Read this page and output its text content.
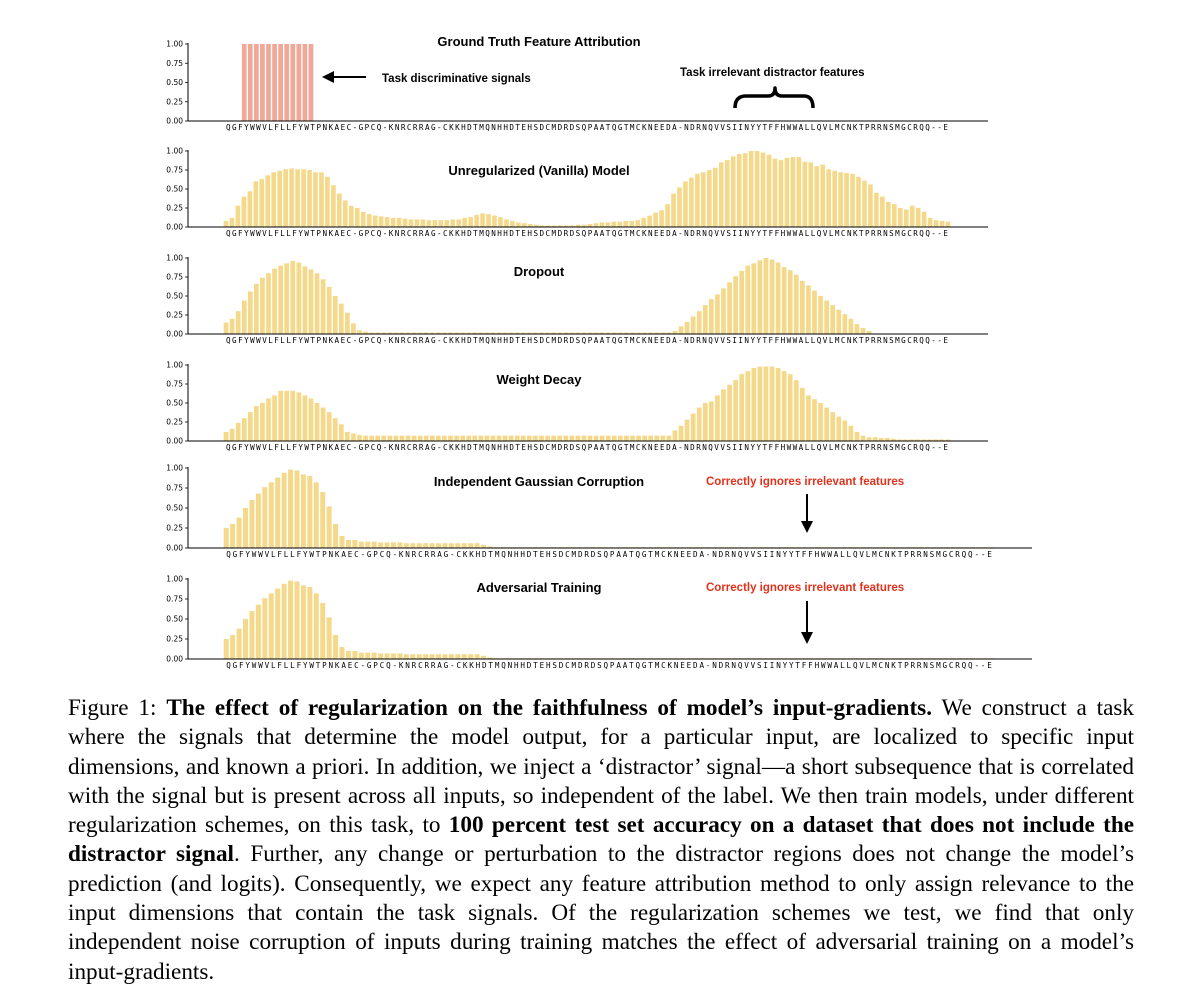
Ground Truth Feature Attribution
0.00
0.25
0.50
0.75
1.00
QGFYWWVLFLLFYWTPNKAEC-GPCQ-KNRCRRAG-CKKHDTMQNHHDTEHSDCMDRDSQPAATQGTMCKNEEDA-NDRNQVVSIINYYTFFHWWALLQVLMCNKTPRRNSMGCRQQ--E
Unregularized (Vanilla) Model
0.00
0.25
0.50
0.75
1.00
QGFYWWVLFLLFYWTPNKAEC-GPCQ-KNRCRRAG-CKKHDTMQNHHDTEHSDCMDRDSQPAATQGTMCKNEEDA-NDRNQVVSIINYYTFFHWWALLQVLMCNKTPRRNSMGCRQQ--E
Dropout
0.00
0.25
0.50
0.75
1.00
QGFYWWVLFLLFYWTPNKAEC-GPCQ-KNRCRRAG-CKKHDTMQNHHDTEHSDCMDRDSQPAATQGTMCKNEEDA-NDRNQVVSIINYYTFFHWWALLQVLMCNKTPRRNSMGCRQQ--E
Weight Decay
0.00
0.25
0.50
0.75
1.00
QGFYWWVLFLLFYWTPNKAEC-GPCQ-KNRCRRAG-CKKHDTMQNHHDTEHSDCMDRDSQPAATQGTMCKNEEDA-NDRNQVVSIINYYTFFHWWALLQVLMCNKTPRRNSMGCRQQ--E
Independent Gaussian Corruption
0.00
0.25
0.50
0.75
1.00
QGFYWWVLFLLFYWTPNKAEC-GPCQ-KNRCRRAG-CKKHDTMQNHHDTEHSDCMDRDSQPAATQGTMCKNEEDA-NDRNQVVSIINYYTFFHWWALLQVLMCNKTPRRNSMGCRQQ--E
Adversarial Training
0.00
0.25
0.50
0.75
1.00
QGFYWWVLFLLFYWTPNKAEC-GPCQ-KNRCRRAG-CKKHDTMQNHHDTEHSDCMDRDSQPAATQGTMCKNEEDA-NDRNQVVSIINYYTFFHWWALLQVLMCNKTPRRNSMGCRQQ--E
Task discriminative signals	Task irrelevant distractor features
Correctly ignores irrelevant features
Correctly ignores irrelevant features

Figure 1: The effect of regularization on the faithfulness of model’s input-gradients. We construct a task where the signals that determine the model output, for a particular input, are localized to specific input dimensions, and known a priori. In addition, we inject a ‘distractor’ signal—a short subsequence that is correlated with the signal but is present across all inputs, so independent of the label. We then train models, under different regularization schemes, on this task, to 100 percent test set accuracy on a dataset that does not include the distractor signal. Further, any change or perturbation to the distractor regions does not change the model’s prediction (and logits). Consequently, we expect any feature attribution method to only assign relevance to the input dimensions that contain the task signals. Of the regularization schemes we test, we find that only independent noise corruption of inputs during training matches the effect of adversarial training on a model’s input-gradients.
